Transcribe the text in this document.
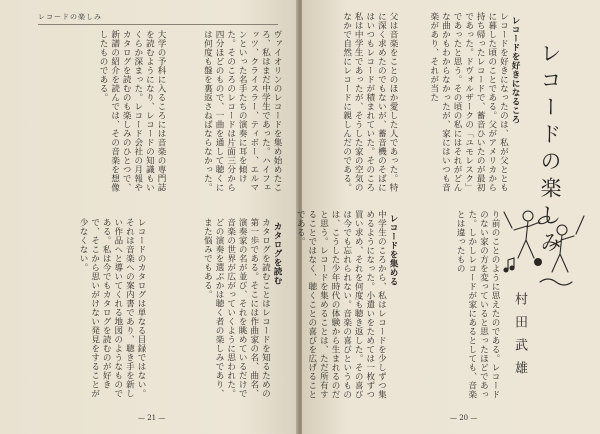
レコードの楽しみ
ヴァイオリンのレコードを集め始めたころ、私はまだ中学生であった。ハイフェッツ、クライスラー、ティボー、エルマンといった名手たちの演奏に耳を傾けた。そのころのレコードは片面三分から四分ほどのもので、一曲を通して聴くには何度も盤を裏返さねばならなかった。
大学の予科に入るころには音楽の専門誌を読むようになり、レコードの知識もいくらか深まった。レコード会社の月報やカタログを読むのも楽しみのひとつで、新譜の紹介を読んでは、その音楽を想像したものである。
カタログを読む
カタログを読むことはレコードを知るための第一歩である。そこには作曲家の名、曲名、演奏家の名が並び、それを眺めているだけで音楽の世界が広がっていくように思われた。どの演奏を選ぶかは聴く者の楽しみであり、また悩みでもある。
レコードのカタログは単なる目録ではない。それは音楽への案内書であり、聴き手を新しい作品へと導いてくれる地図のようなものである。私は今でもカタログを読むのが好きで、そこから思いがけない発見をすることが少なくない。
— 21 —
レコードを好きになるころ
レコードを好きになったのは、私が父とともに暮した頃のことである。父がアメリカから持ち帰ったレコードで、蓄音ひいたのが最初であった。ドヴォルザークの「ユモレスク」であったと思う。その頃の私にはそれがどんな曲かもわからなかったが、家にはいつも音楽があり、それが当た
父は音楽をことのほか愛した人であった。特に深く求めたのでもないが、蓄音機のそばにはいつもレコードが積まれていた。そのころ私は中学生であったが、そうした家の空気のなかで自然にレコードに親しんだのである。
り前のことのように思えたのである。レコードのない家の方を変っていると思ったほどであった。しかしレコードが家にあるとしても、音楽とは違ったもの
レコードを集める
中学生のころから、私はレコードを少しずつ集めるようになった。小遣いをためては一枚ずつ買い求め、それを何度も聴き返した。その喜びは今でも忘れられない。音楽の喜びというものは、こうした少年時代の体験から生まれるのだと思う。レコードを集めることは、ただ所有することではなく、聴くことの喜びを広げることである。
— 20 —
レコードの楽しみ
村田武雄
